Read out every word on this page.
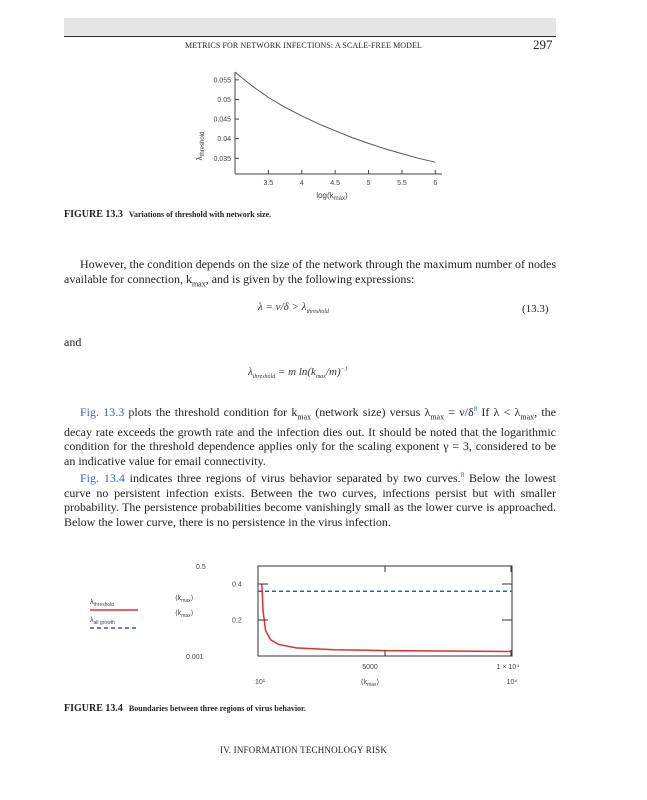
METRICS FOR NETWORK INFECTIONS: A SCALE-FREE MODEL	297
0.035
0.04
0.045
0.05
0.055
3.5	4	4.5	5	5.5	6
$\lambda_{threshold}$
$\log(k_{max})$
FIGURE 13.3 Variations of threshold with network size.

However, the condition depends on the size of the network through the maximum number of nodes available for connection, $k_{max}$, and is given by the following expressions:

$\lambda = \nu/\delta > \lambda_{threshold}$	(13.3)
and
$\lambda_{threshold} = m$ $\ln(k_{max}/m)^{-1}$

Fig. 13.3 plots the threshold condition for $k_{max}$ (network size) versus $\lambda_{max} = \nu/\delta^8$ If $\lambda < \lambda_{max}$, the decay rate exceeds the growth rate and the infection dies out. It should be noted that the logarithmic condition for the threshold dependence applies only for the scaling exponent γ = 3, considered to be an indicative value for email connectivity.

Fig. 13.4 indicates three regions of virus behavior separated by two curves.$^8$ Below the lowest curve no persistent infection exists. Between the two curves, infections persist but with smaller probability. The persistence probabilities become vanishingly small as the lower curve is approached. Below the lower curve, there is no persistence in the virus infection.

$\lambda_{threshold}$
$\lambda_{all growth}$
0.5
0.001
$⟨k_{max}⟩$
$⟨k_{max}⟩$
0.2
0.4
5000	1 × 10⁴
10¹	10⁴
$⟨k_{max}⟩$
FIGURE 13.4 Boundaries between three regions of virus behavior.
IV. INFORMATION TECHNOLOGY RISK
